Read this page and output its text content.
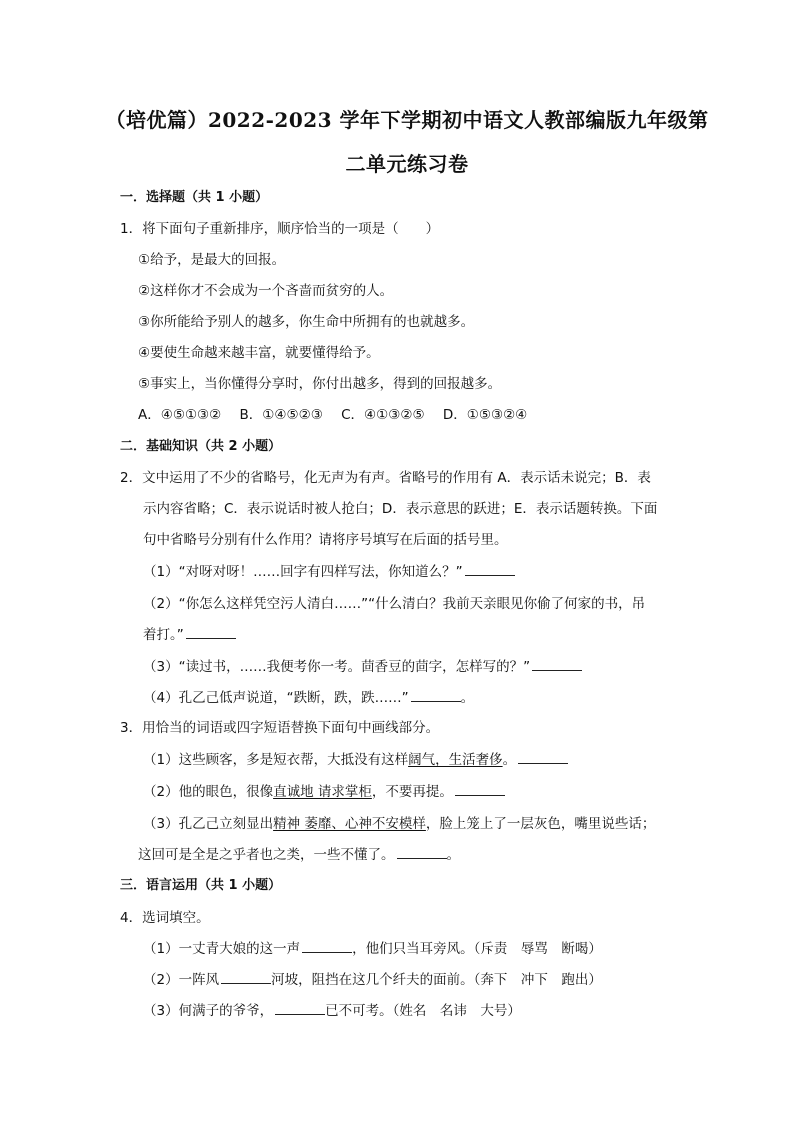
（培优篇）2022-2023 学年下学期初中语文人教部编版九年级第
二单元练习卷
一．选择题（共 1 小题）
1．将下面句子重新排序，顺序恰当的一项是（　　）
①给予，是最大的回报。
②这样你才不会成为一个吝啬而贫穷的人。
③你所能给予别人的越多，你生命中所拥有的也就越多。
④要使生命越来越丰富，就要懂得给予。
⑤事实上，当你懂得分享时，你付出越多，得到的回报越多。
A．④⑤①③② B．①④⑤②③ C．④①③②⑤ D．①⑤③②④
二．基础知识（共 2 小题）
2．文中运用了不少的省略号，化无声为有声。省略号的作用有 A．表示话未说完；B．表
示内容省略；C．表示说话时被人抢白；D．表示意思的跃进；E．表示话题转换。下面
句中省略号分别有什么作用？请将序号填写在后面的括号里。
（1）“对呀对呀！……回字有四样写法，你知道么？”
（2）“你怎么这样凭空污人清白……”“什么清白？我前天亲眼见你偷了何家的书，吊
着打。”
（3）“读过书，……我便考你一考。茴香豆的茴字，怎样写的？”
（4）孔乙己低声说道，“跌断，跌，跌……”	。
3．用恰当的词语或四字短语替换下面句中画线部分。
（1）这些顾客，多是短衣帮，大抵没有这样阔气，生活奢侈。
（2）他的眼色，很像直诚地 请求掌柜，不要再提。
（3）孔乙己立刻显出精神 萎靡、心神不安模样，脸上笼上了一层灰色，嘴里说些话；
这回可是全是之乎者也之类，一些不懂了。	。
三．语言运用（共 1 小题）
4．选词填空。
（1）一丈青大娘的这一声	，他们只当耳旁风。（斥责　辱骂　断喝）
（2）一阵风	河坡，阻挡在这几个纤夫的面前。（奔下　冲下　跑出）
（3）何满子的爷爷，	已不可考。（姓名　名讳　大号）
